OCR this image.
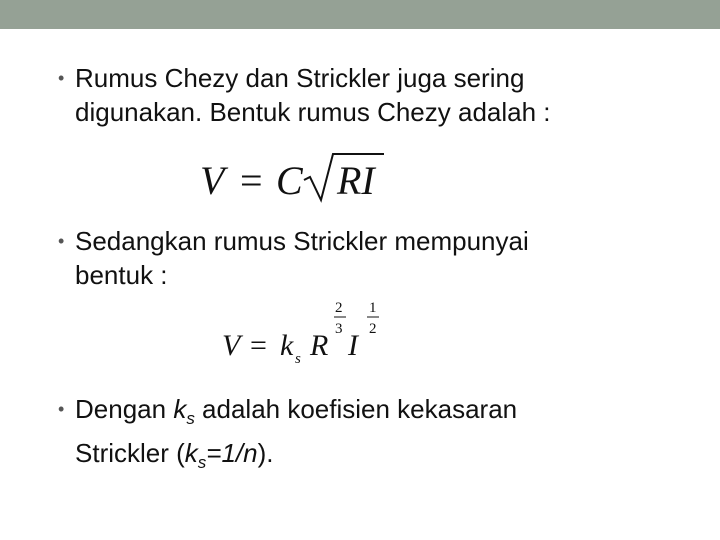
• Rumus Chezy dan Strickler juga sering
digunakan. Bentuk rumus Chezy adalah :
V = C RI
• Sedangkan rumus Strickler mempunyai
bentuk :
V = k s R
2
3 I
1
2
• Dengan $k_s$ adalah koefisien kekasaran
Strickler $(k_s=1/n)$.
